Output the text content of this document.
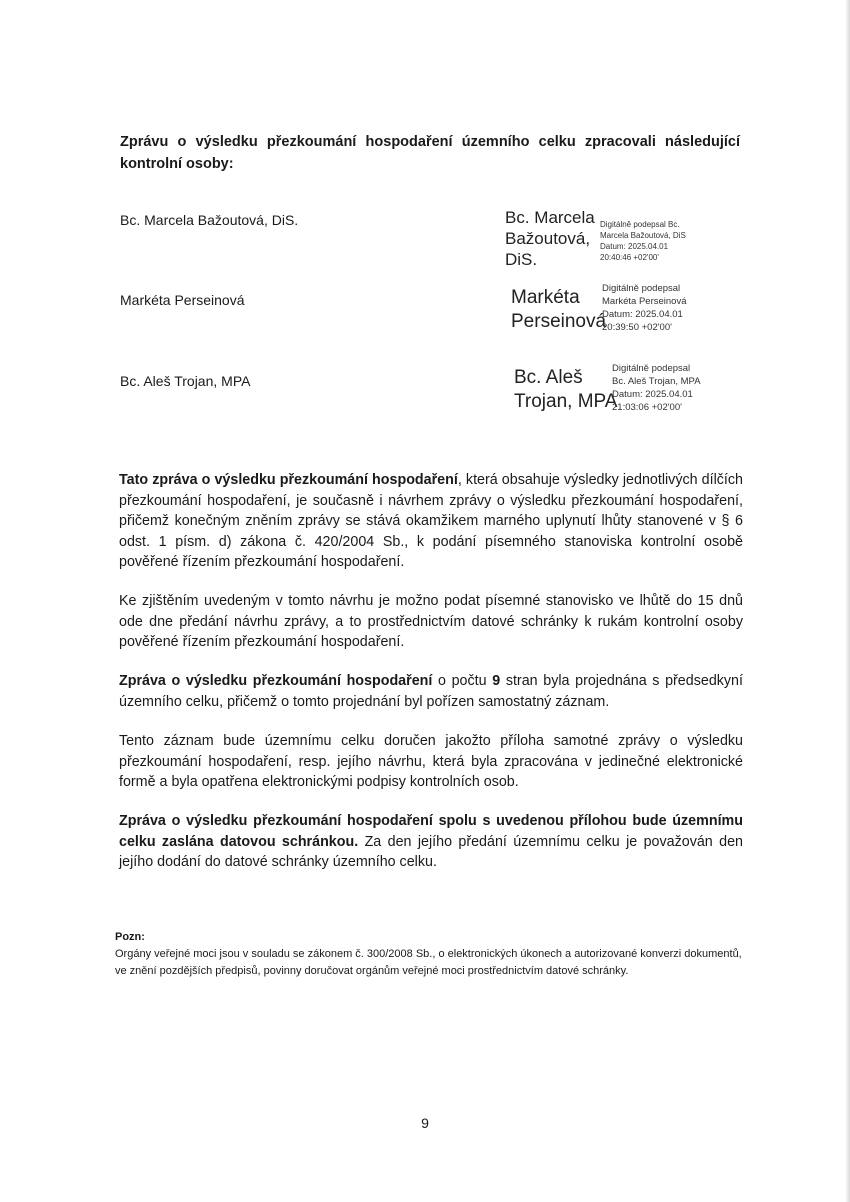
Zprávu o výsledku přezkoumání hospodaření územního celku zpracovali následující kontrolní osoby:

Bc. Marcela Bažoutová, DiS.
Markéta Perseinová
Bc. Aleš Trojan, MPA
Bc. Marcela
Bažoutová,
DiS.
Digitálně podepsal Bc.
Marcela Bažoutová, DiS
Datum: 2025.04.01
20:40:46 +02'00'
Markéta
Perseinová
Digitálně podepsal
Markéta Perseinová
Datum: 2025.04.01
20:39:50 +02'00'
Bc. Aleš
Trojan, MPA
Digitálně podepsal
Bc. Aleš Trojan, MPA
Datum: 2025.04.01
21:03:06 +02'00'

Tato zpráva o výsledku přezkoumání hospodaření, která obsahuje výsledky jednotlivých dílčích přezkoumání hospodaření, je současně i návrhem zprávy o výsledku přezkoumání hospodaření, přičemž konečným zněním zprávy se stává okamžikem marného uplynutí lhůty stanovené v § 6 odst. 1 písm. d) zákona č. 420/2004 Sb., k podání písemného stanoviska kontrolní osobě pověřené řízením přezkoumání hospodaření.

Ke zjištěním uvedeným v tomto návrhu je možno podat písemné stanovisko ve lhůtě do 15 dnů ode dne předání návrhu zprávy, a to prostřednictvím datové schránky k rukám kontrolní osoby pověřené řízením přezkoumání hospodaření.

Zpráva o výsledku přezkoumání hospodaření o počtu 9 stran byla projednána s předsedkyní územního celku, přičemž o tomto projednání byl pořízen samostatný záznam.

Tento záznam bude územnímu celku doručen jakožto příloha samotné zprávy o výsledku přezkoumání hospodaření, resp. jejího návrhu, která byla zpracována v jedinečné elektronické formě a byla opatřena elektronickými podpisy kontrolních osob.

Zpráva o výsledku přezkoumání hospodaření spolu s uvedenou přílohou bude územnímu celku zaslána datovou schránkou. Za den jejího předání územnímu celku je považován den jejího dodání do datové schránky územního celku.

Pozn:
Orgány veřejné moci jsou v souladu se zákonem č. 300/2008 Sb., o elektronických úkonech a autorizované konverzi dokumentů, ve znění pozdějších předpisů, povinny doručovat orgánům veřejné moci prostřednictvím datové schránky.

9
